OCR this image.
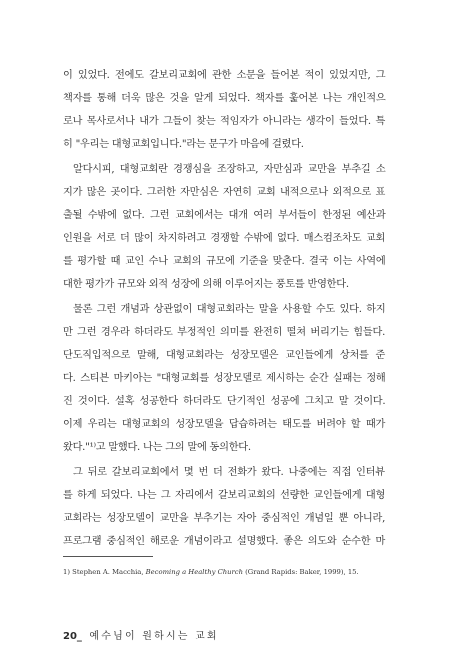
이 있었다. 전에도 갈보리교회에 관한 소문을 들어본 적이 있었지만, 그
책자를 통해 더욱 많은 것을 알게 되었다. 책자를 훑어본 나는 개인적으
로나 목사로서나 내가 그들이 찾는 적임자가 아니라는 생각이 들었다. 특
히 "우리는 대형교회입니다."라는 문구가 마음에 걸렸다.
알다시피, 대형교회란 경쟁심을 조장하고, 자만심과 교만을 부추길 소
지가 많은 곳이다. 그러한 자만심은 자연히 교회 내적으로나 외적으로 표
출될 수밖에 없다. 그런 교회에서는 대개 여러 부서들이 한정된 예산과
인원을 서로 더 많이 차지하려고 경쟁할 수밖에 없다. 매스컴조차도 교회
를 평가할 때 교인 수나 교회의 규모에 기준을 맞춘다. 결국 이는 사역에
대한 평가가 규모와 외적 성장에 의해 이루어지는 풍토를 반영한다.
물론 그런 개념과 상관없이 대형교회라는 말을 사용할 수도 있다. 하지
만 그런 경우라 하더라도 부정적인 의미를 완전히 떨쳐 버리기는 힘들다.
단도직입적으로 말해, 대형교회라는 성장모델은 교인들에게 상처를 준
다. 스티븐 마키아는 "대형교회를 성장모델로 제시하는 순간 실패는 정해
진 것이다. 설혹 성공한다 하더라도 단기적인 성공에 그치고 말 것이다.
이제 우리는 대형교회의 성장모델을 답습하려는 태도를 버려야 할 때가
왔다."¹⁾고 말했다. 나는 그의 말에 동의한다.
그 뒤로 갈보리교회에서 몇 번 더 전화가 왔다. 나중에는 직접 인터뷰
를 하게 되었다. 나는 그 자리에서 갈보리교회의 선량한 교인들에게 대형
교회라는 성장모델이 교만을 부추기는 자아 중심적인 개념일 뿐 아니라,
프로그램 중심적인 해로운 개념이라고 설명했다. 좋은 의도와 순수한 마
1) Stephen A. Macchia, Becoming a Healthy Church (Grand Rapids: Baker, 1999), 15.
20_ 예수님이 원하시는 교회
